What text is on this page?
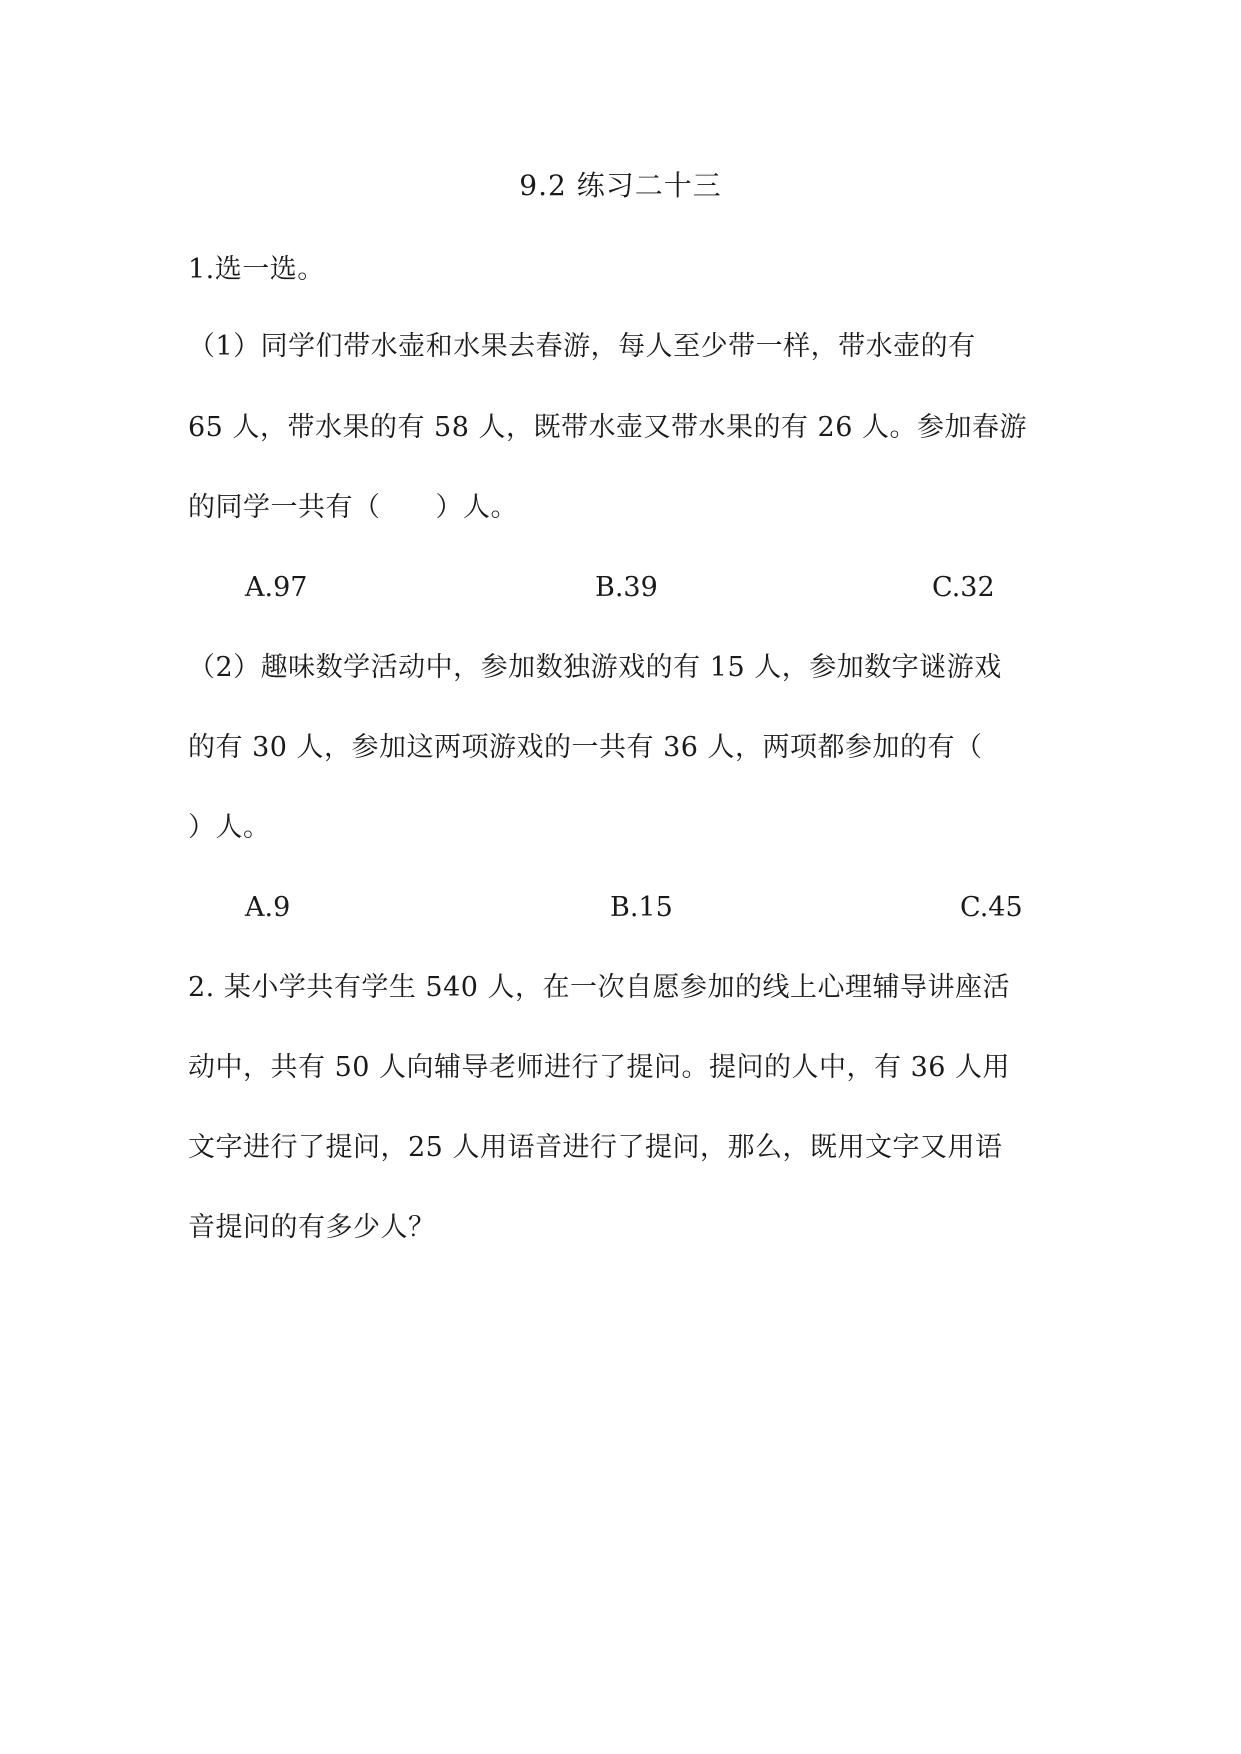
9.2 练习二十三
1.选一选。
（1）同学们带水壶和水果去春游，每人至少带一样，带水壶的有
65 人，带水果的有 58 人，既带水壶又带水果的有 26 人。参加春游
的同学一共有（　　）人。
A.97	B.39	C.32
（2）趣味数学活动中，参加数独游戏的有 15 人，参加数字谜游戏
的有 30 人，参加这两项游戏的一共有 36 人，两项都参加的有（
）人。
A.9	B.15	C.45
2. 某小学共有学生 540 人，在一次自愿参加的线上心理辅导讲座活
动中，共有 50 人向辅导老师进行了提问。提问的人中，有 36 人用
文字进行了提问，25 人用语音进行了提问，那么，既用文字又用语
音提问的有多少人？
